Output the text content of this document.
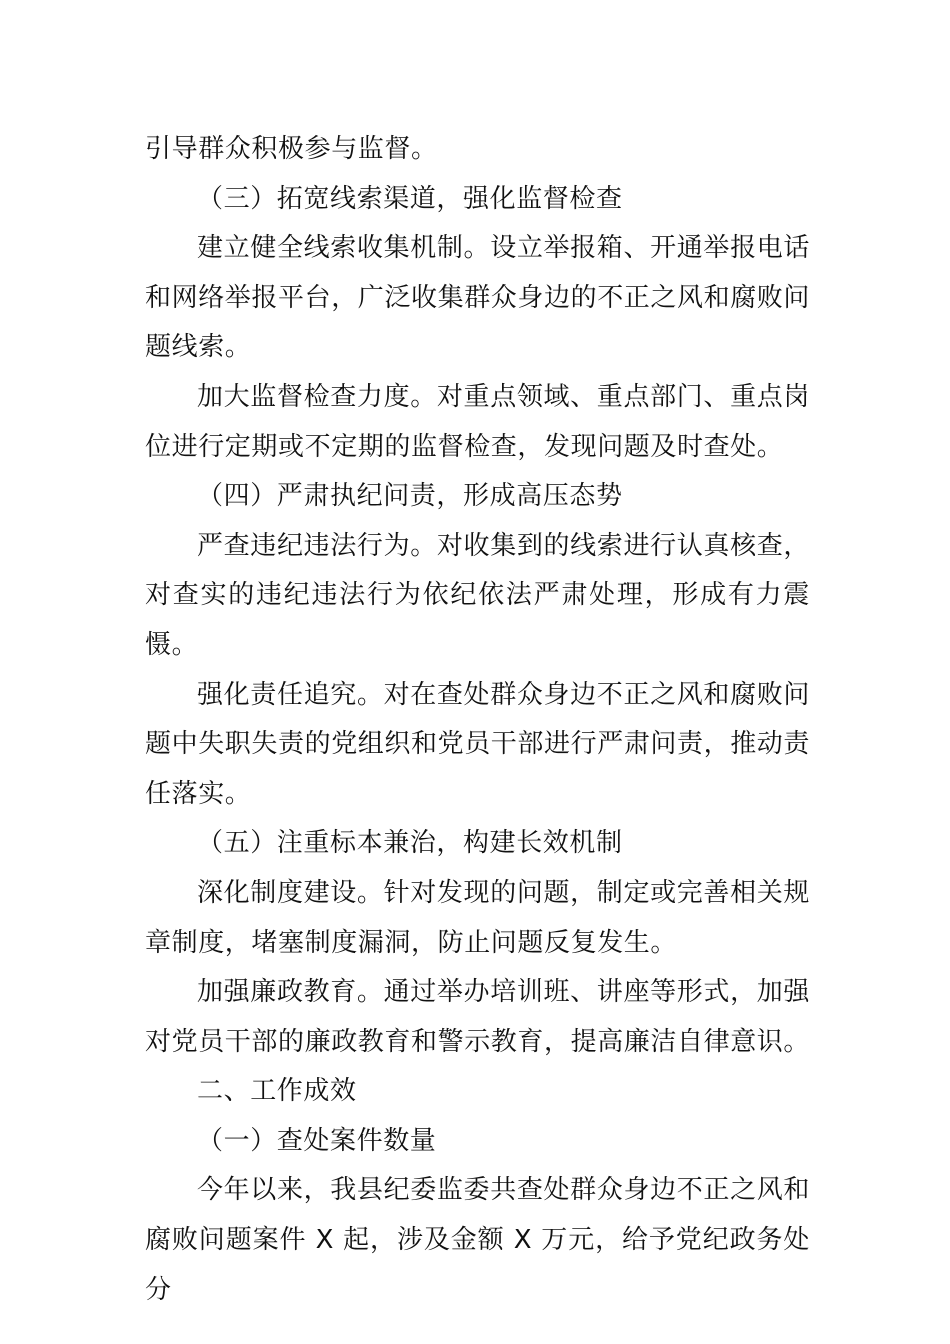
引导群众积极参与监督。

（三）拓宽线索渠道，强化监督检查

建立健全线索收集机制。设立举报箱、开通举报电话和网络举报平台，广泛收集群众身边的不正之风和腐败问题线索。

加大监督检查力度。对重点领域、重点部门、重点岗位进行定期或不定期的监督检查，发现问题及时查处。

（四）严肃执纪问责，形成高压态势

严查违纪违法行为。对收集到的线索进行认真核查，对查实的违纪违法行为依纪依法严肃处理，形成有力震慑。

强化责任追究。对在查处群众身边不正之风和腐败问题中失职失责的党组织和党员干部进行严肃问责，推动责任落实。

（五）注重标本兼治，构建长效机制

深化制度建设。针对发现的问题，制定或完善相关规章制度，堵塞制度漏洞，防止问题反复发生。

加强廉政教育。通过举办培训班、讲座等形式，加强对党员干部的廉政教育和警示教育，提高廉洁自律意识。

二、工作成效

（一）查处案件数量

今年以来，我县纪委监委共查处群众身边不正之风和腐败问题案件 X 起，涉及金额 X 万元，给予党纪政务处分
